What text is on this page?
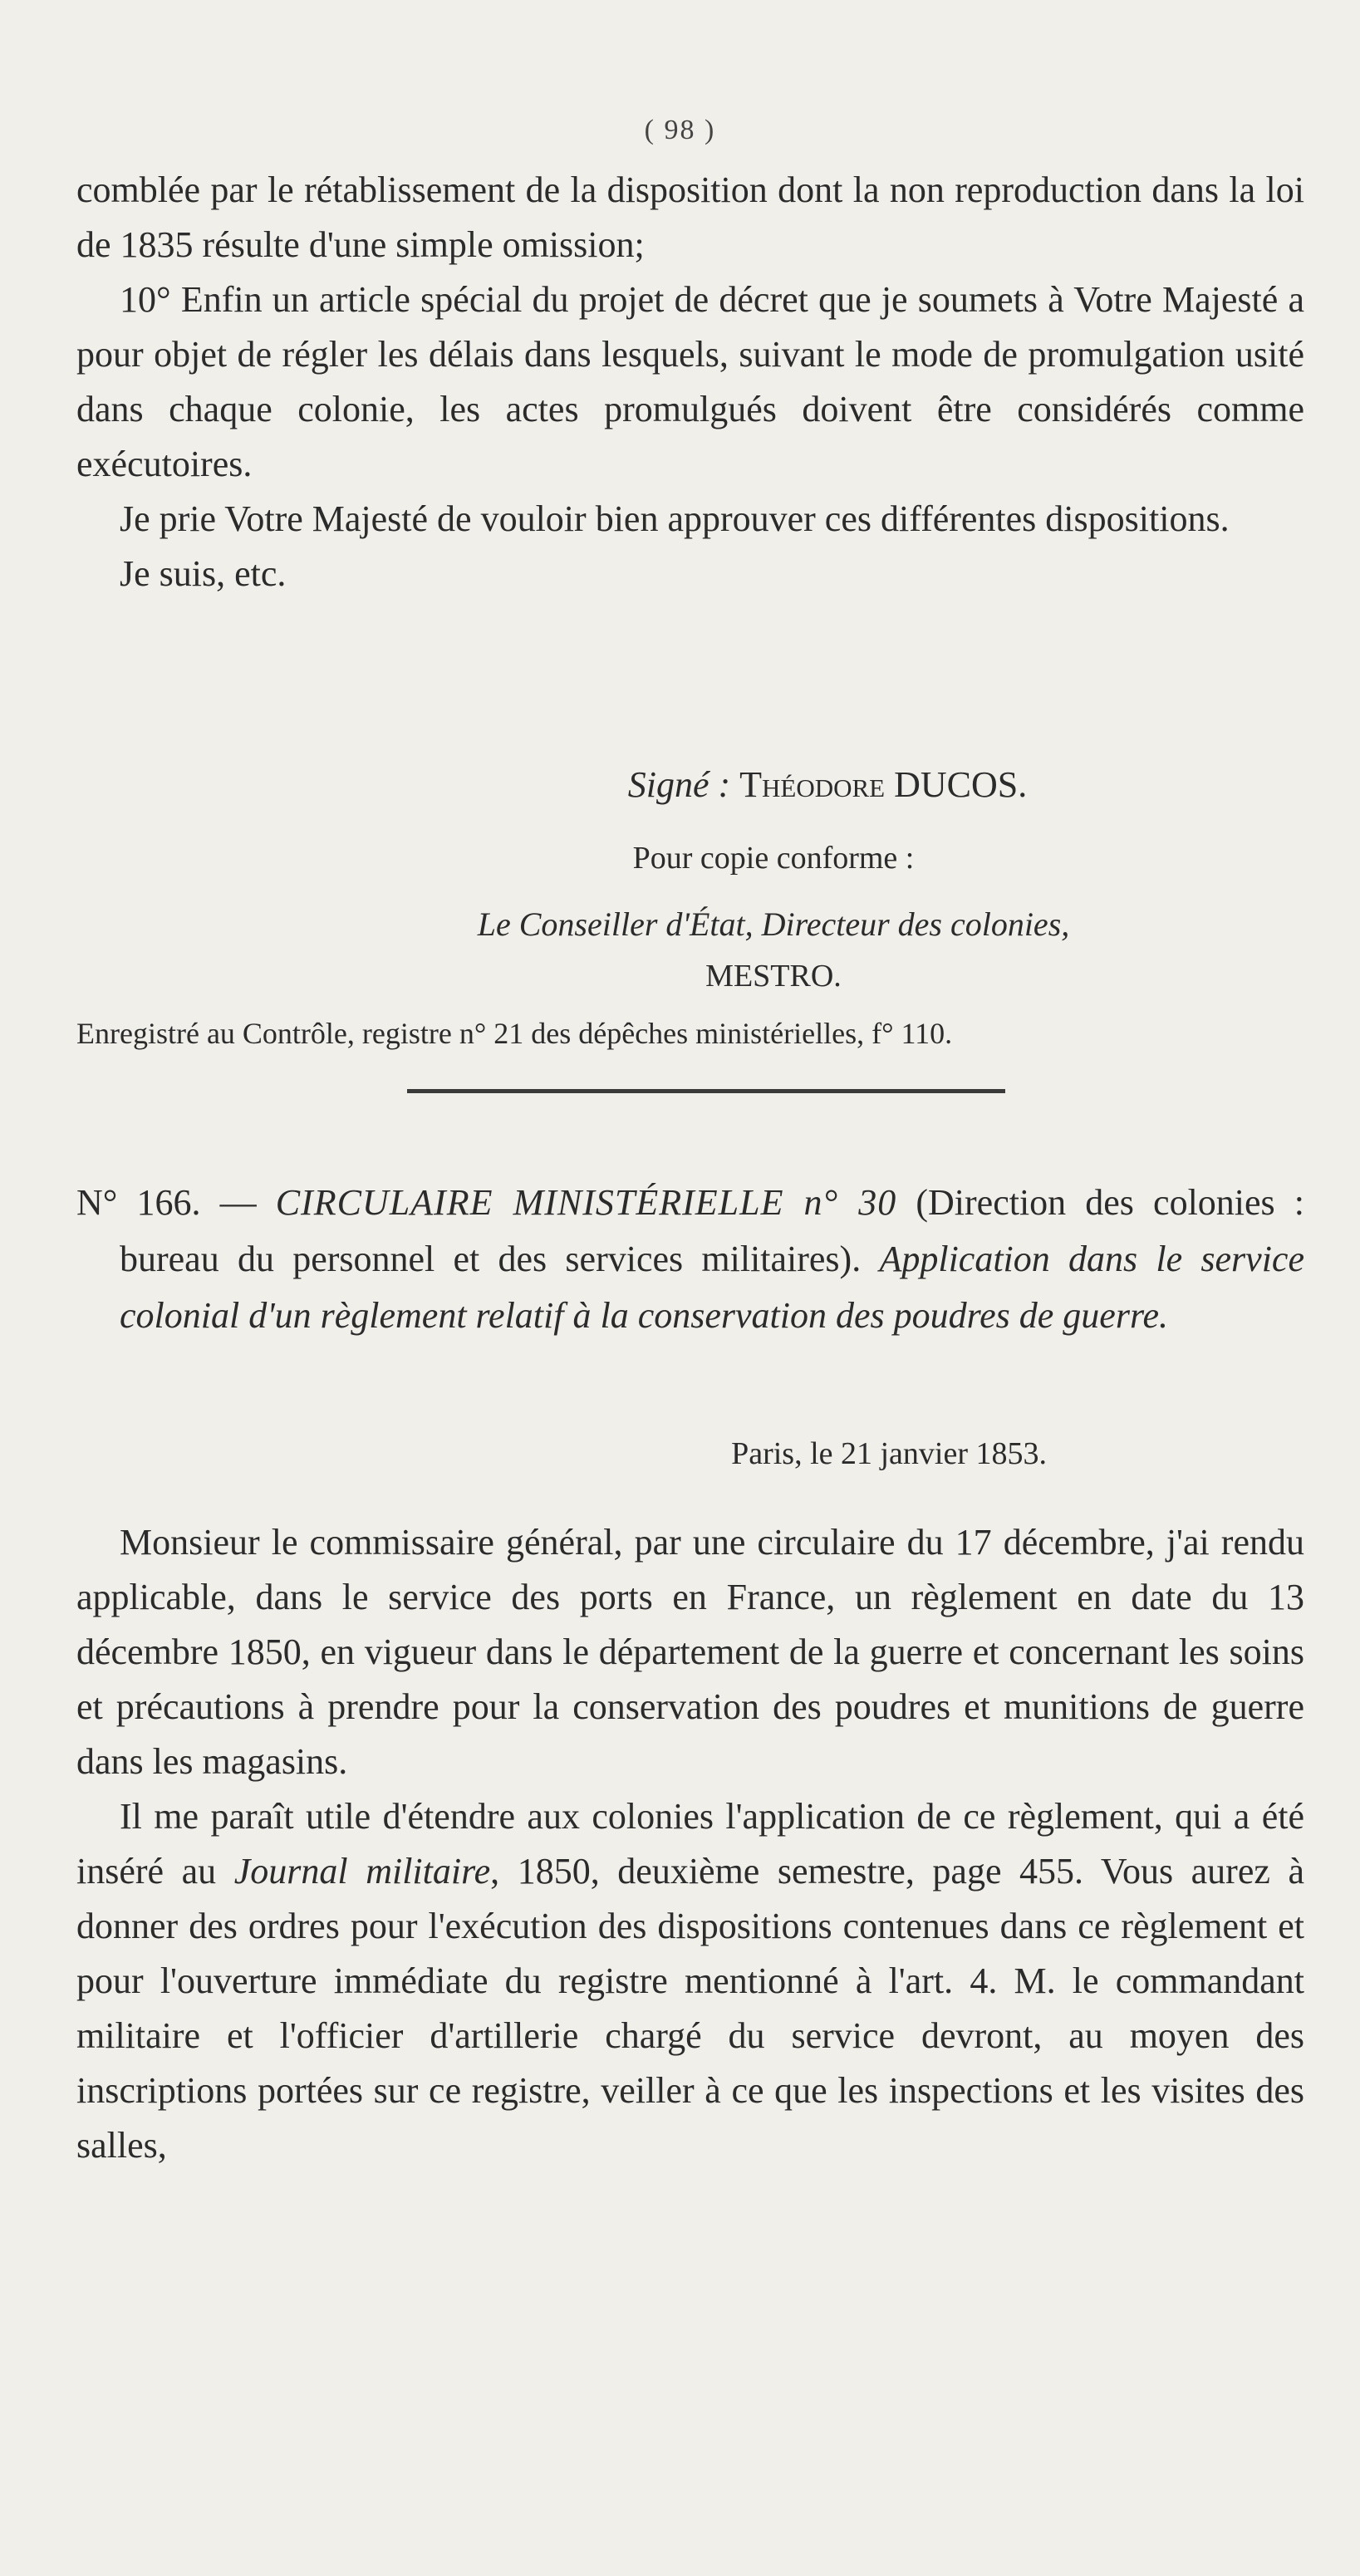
( 98 )

comblée par le rétablissement de la disposition dont la non reproduction dans la loi de 1835 résulte d'une simple omission;

10° Enfin un article spécial du projet de décret que je soumets à Votre Majesté a pour objet de régler les délais dans lesquels, suivant le mode de promulgation usité dans chaque colonie, les actes promulgués doivent être considérés comme exécutoires.

Je prie Votre Majesté de vouloir bien approuver ces différentes dispositions.

Je suis, etc.

Signé : Théodore DUCOS.
Pour copie conforme :
Le Conseiller d'État, Directeur des colonies,
MESTRO.

Enregistré au Contrôle, registre n° 21 des dépêches ministérielles, f° 110.

N° 166. — CIRCULAIRE MINISTÉRIELLE n° 30 (Direction des colonies : bureau du personnel et des services militaires). Application dans le service colonial d'un règlement relatif à la conservation des poudres de guerre.

Paris, le 21 janvier 1853.

Monsieur le commissaire général, par une circulaire du 17 décembre, j'ai rendu applicable, dans le service des ports en France, un règlement en date du 13 décembre 1850, en vigueur dans le département de la guerre et concernant les soins et précautions à prendre pour la conservation des poudres et munitions de guerre dans les magasins.

Il me paraît utile d'étendre aux colonies l'application de ce règlement, qui a été inséré au Journal militaire, 1850, deuxième semestre, page 455. Vous aurez à donner des ordres pour l'exécution des dispositions contenues dans ce règlement et pour l'ouverture immédiate du registre mentionné à l'art. 4. M. le commandant militaire et l'officier d'artillerie chargé du service devront, au moyen des inscriptions portées sur ce registre, veiller à ce que les inspections et les visites des salles,
